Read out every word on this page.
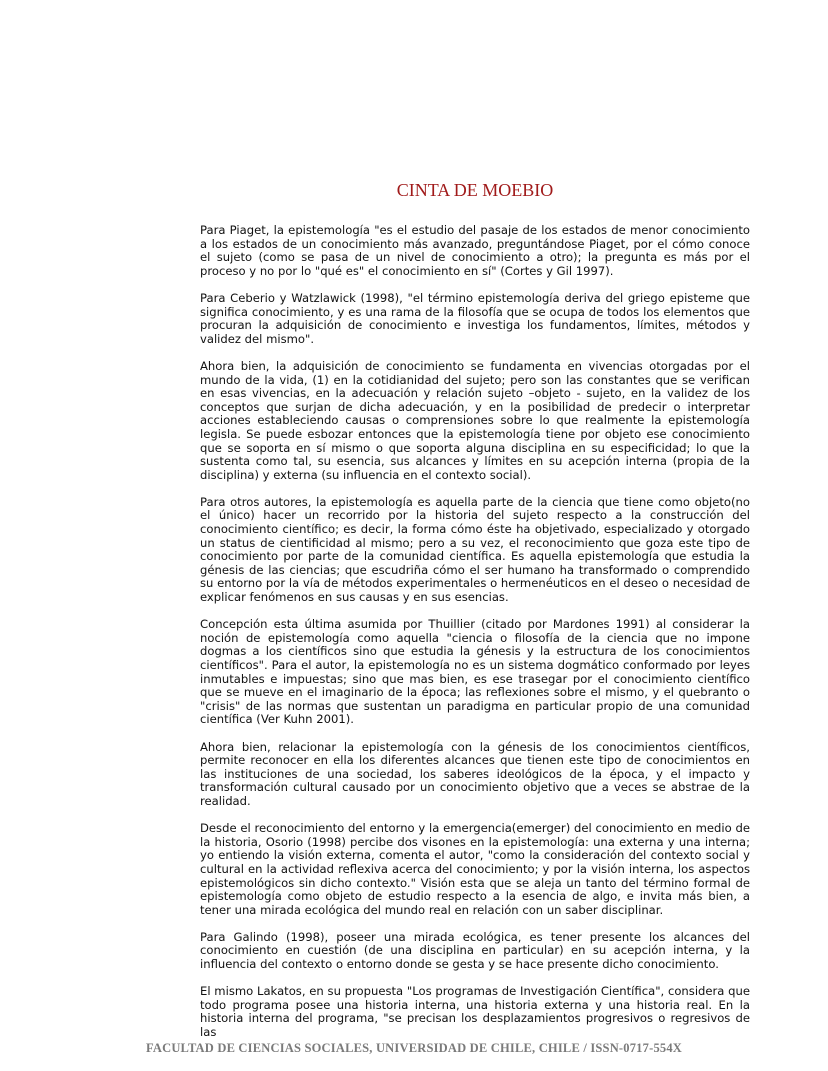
CINTA DE MOEBIO

Para Piaget, la epistemología "es el estudio del pasaje de los estados de menor conocimiento a los estados de un conocimiento más avanzado, preguntándose Piaget, por el cómo conoce el sujeto (como se pasa de un nivel de conocimiento a otro); la pregunta es más por el proceso y no por lo "qué es" el conocimiento en sí" (Cortes y Gil 1997).

Para Ceberio y Watzlawick (1998), "el término epistemología deriva del griego episteme que significa conocimiento, y es una rama de la filosofía que se ocupa de todos los elementos que procuran la adquisición de conocimiento e investiga los fundamentos, límites, métodos y validez del mismo".

Ahora bien, la adquisición de conocimiento se fundamenta en vivencias otorgadas por el mundo de la vida, (1) en la cotidianidad del sujeto; pero son las constantes que se verifican en esas vivencias, en la adecuación y relación sujeto –objeto - sujeto, en la validez de los conceptos que surjan de dicha adecuación, y en la posibilidad de predecir o interpretar acciones estableciendo causas o comprensiones sobre lo que realmente la epistemología legisla. Se puede esbozar entonces que la epistemología tiene por objeto ese conocimiento que se soporta en sí mismo o que soporta alguna disciplina en su especificidad; lo que la sustenta como tal, su esencia, sus alcances y límites en su acepción interna (propia de la disciplina) y externa (su influencia en el contexto social).

Para otros autores, la epistemología es aquella parte de la ciencia que tiene como objeto(no el único) hacer un recorrido por la historia del sujeto respecto a la construcción del conocimiento científico; es decir, la forma cómo éste ha objetivado, especializado y otorgado un status de cientificidad al mismo; pero a su vez, el reconocimiento que goza este tipo de conocimiento por parte de la comunidad científica. Es aquella epistemología que estudia la génesis de las ciencias; que escudriña cómo el ser humano ha transformado o comprendido su entorno por la vía de métodos experimentales o hermenéuticos en el deseo o necesidad de explicar fenómenos en sus causas y en sus esencias.

Concepción esta última asumida por Thuillier (citado por Mardones 1991) al considerar la noción de epistemología como aquella "ciencia o filosofía de la ciencia que no impone dogmas a los científicos sino que estudia la génesis y la estructura de los conocimientos científicos". Para el autor, la epistemología no es un sistema dogmático conformado por leyes inmutables e impuestas; sino que mas bien, es ese trasegar por el conocimiento científico que se mueve en el imaginario de la época; las reflexiones sobre el mismo, y el quebranto o "crisis" de las normas que sustentan un paradigma en particular propio de una comunidad científica (Ver Kuhn 2001).

Ahora bien, relacionar la epistemología con la génesis de los conocimientos científicos, permite reconocer en ella los diferentes alcances que tienen este tipo de conocimientos en las instituciones de una sociedad, los saberes ideológicos de la época, y el impacto y transformación cultural causado por un conocimiento objetivo que a veces se abstrae de la realidad.

Desde el reconocimiento del entorno y la emergencia(emerger) del conocimiento en medio de la historia, Osorio (1998) percibe dos visones en la epistemología: una externa y una interna; yo entiendo la visión externa, comenta el autor, "como la consideración del contexto social y cultural en la actividad reflexiva acerca del conocimiento; y por la visión interna, los aspectos epistemológicos sin dicho contexto." Visión esta que se aleja un tanto del término formal de epistemología como objeto de estudio respecto a la esencia de algo, e invita más bien, a tener una mirada ecológica del mundo real en relación con un saber disciplinar.

Para Galindo (1998), poseer una mirada ecológica, es tener presente los alcances del conocimiento en cuestión (de una disciplina en particular) en su acepción interna, y la influencia del contexto o entorno donde se gesta y se hace presente dicho conocimiento.

El mismo Lakatos, en su propuesta "Los programas de Investigación Científica", considera que todo programa posee una historia interna, una historia externa y una historia real. En la historia interna del programa, "se precisan los desplazamientos progresivos o regresivos de las

FACULTAD DE CIENCIAS SOCIALES, UNIVERSIDAD DE CHILE, CHILE / ISSN-0717-554X
